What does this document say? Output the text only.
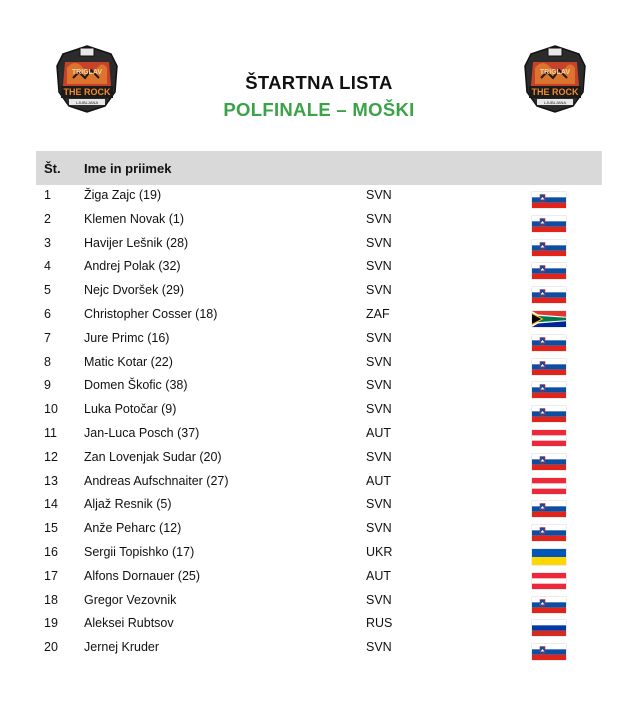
TRIGLAV
THE ROCK
LJUBLJANA
TRIGLAV
THE ROCK
LJUBLJANA
ŠTARTNA LISTA
POLFINALE – MOŠKI
Št. Ime in priimek
1	Žiga Zajc (19)	SVN
2	Klemen Novak (1)	SVN
3	Havijer Lešnik (28)	SVN
4	Andrej Polak (32)	SVN
5	Nejc Dvoršek (29)	SVN
6	Christopher Cosser (18)	ZAF
7	Jure Primc (16)	SVN
8	Matic Kotar (22)	SVN
9	Domen Škofic (38)	SVN
10 Luka Potočar (9)	SVN
11 Jan-Luca Posch (37)	AUT
12 Zan Lovenjak Sudar (20)	SVN
13 Andreas Aufschnaiter (27)	AUT
14 Aljaž Resnik (5)	SVN
15 Anže Peharc (12)	SVN
16 Sergii Topishko (17)	UKR
17 Alfons Dornauer (25)	AUT
18 Gregor Vezovnik	SVN
19 Aleksei Rubtsov	RUS
20 Jernej Kruder	SVN
